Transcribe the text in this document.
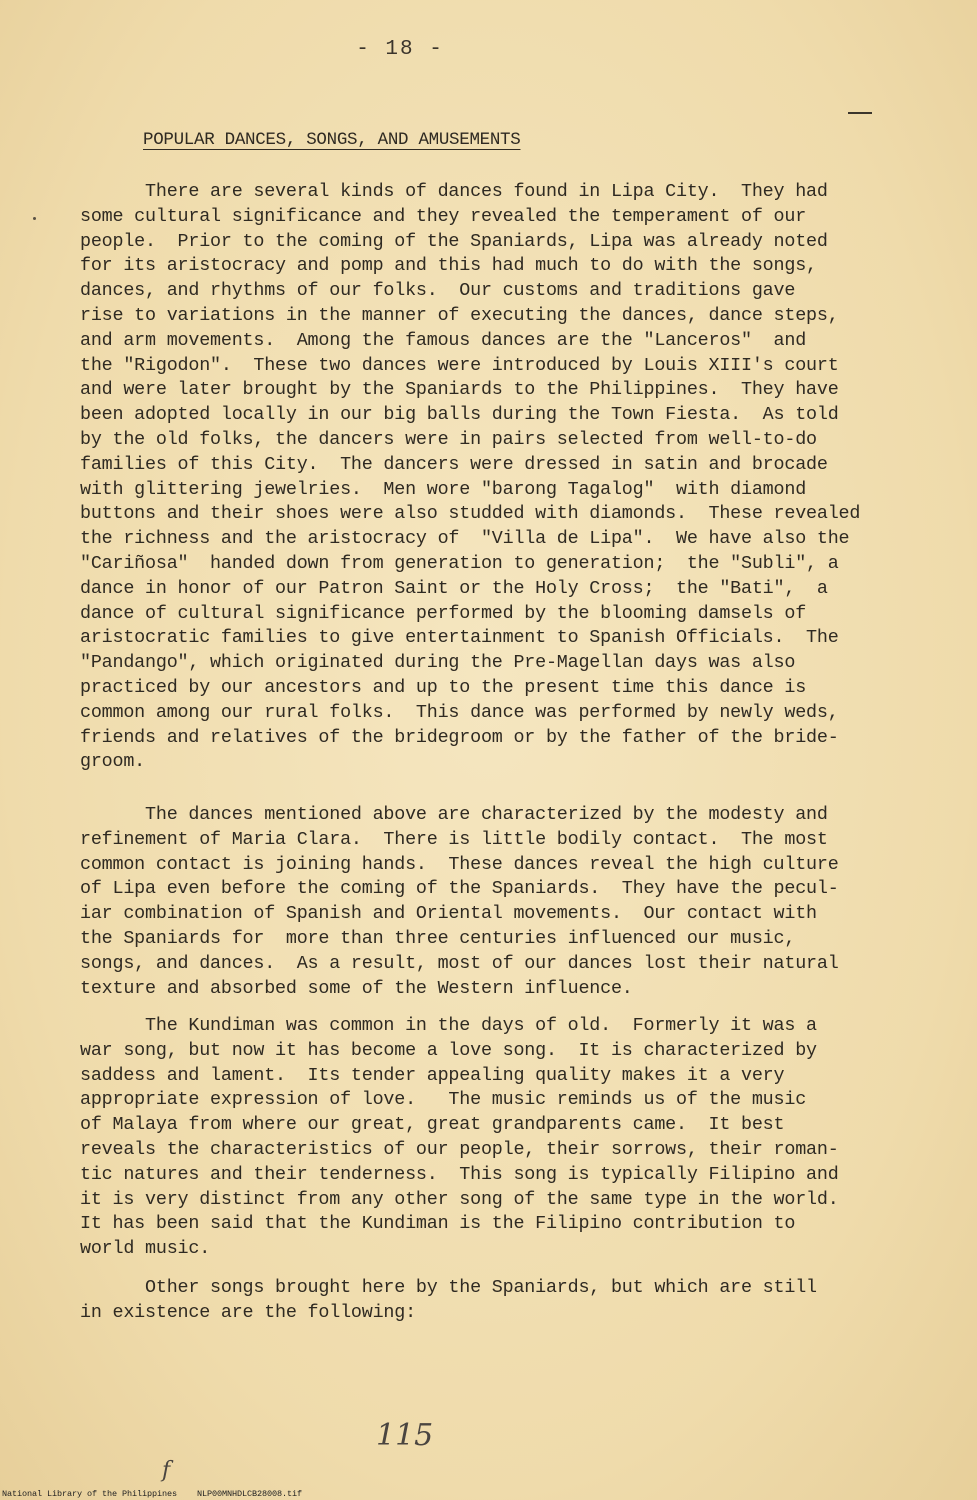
- 18 -
POPULAR DANCES, SONGS, AND AMUSEMENTS

There are several kinds of dances found in Lipa City.  They had
some cultural significance and they revealed the temperament of our
people.  Prior to the coming of the Spaniards, Lipa was already noted
for its aristocracy and pomp and this had much to do with the songs,
dances, and rhythms of our folks.  Our customs and traditions gave
rise to variations in the manner of executing the dances, dance steps,
and arm movements.  Among the famous dances are the "Lanceros"  and
the "Rigodon".  These two dances were introduced by Louis XIII's court
and were later brought by the Spaniards to the Philippines.  They have
been adopted locally in our big balls during the Town Fiesta.  As told
by the old folks, the dancers were in pairs selected from well-to-do
families of this City.  The dancers were dressed in satin and brocade
with glittering jewelries.  Men wore "barong Tagalog"  with diamond
buttons and their shoes were also studded with diamonds.  These revealed
the richness and the aristocracy of  "Villa de Lipa".  We have also the
"Cariñosa"  handed down from generation to generation;  the "Subli", a
dance in honor of our Patron Saint or the Holy Cross;  the "Bati",  a
dance of cultural significance performed by the blooming damsels of
aristocratic families to give entertainment to Spanish Officials.  The
"Pandango", which originated during the Pre-Magellan days was also
practiced by our ancestors and up to the present time this dance is
common among our rural folks.  This dance was performed by newly weds,
friends and relatives of the bridegroom or by the father of the bride-
groom.

The dances mentioned above are characterized by the modesty and
refinement of Maria Clara.  There is little bodily contact.  The most
common contact is joining hands.  These dances reveal the high culture
of Lipa even before the coming of the Spaniards.  They have the pecul-
iar combination of Spanish and Oriental movements.  Our contact with
the Spaniards for  more than three centuries influenced our music,
songs, and dances.  As a result, most of our dances lost their natural
texture and absorbed some of the Western influence.

The Kundiman was common in the days of old.  Formerly it was a
war song, but now it has become a love song.  It is characterized by
saddess and lament.  Its tender appealing quality makes it a very
appropriate expression of love.   The music reminds us of the music
of Malaya from where our great, great grandparents came.  It best
reveals the characteristics of our people, their sorrows, their roman-
tic natures and their tenderness.  This song is typically Filipino and
it is very distinct from any other song of the same type in the world.
It has been said that the Kundiman is the Filipino contribution to
world music.

Other songs brought here by the Spaniards, but which are still
in existence are the following:

115
f
National Library of the Philippines    NLP00MNHDLCB28008.tif
